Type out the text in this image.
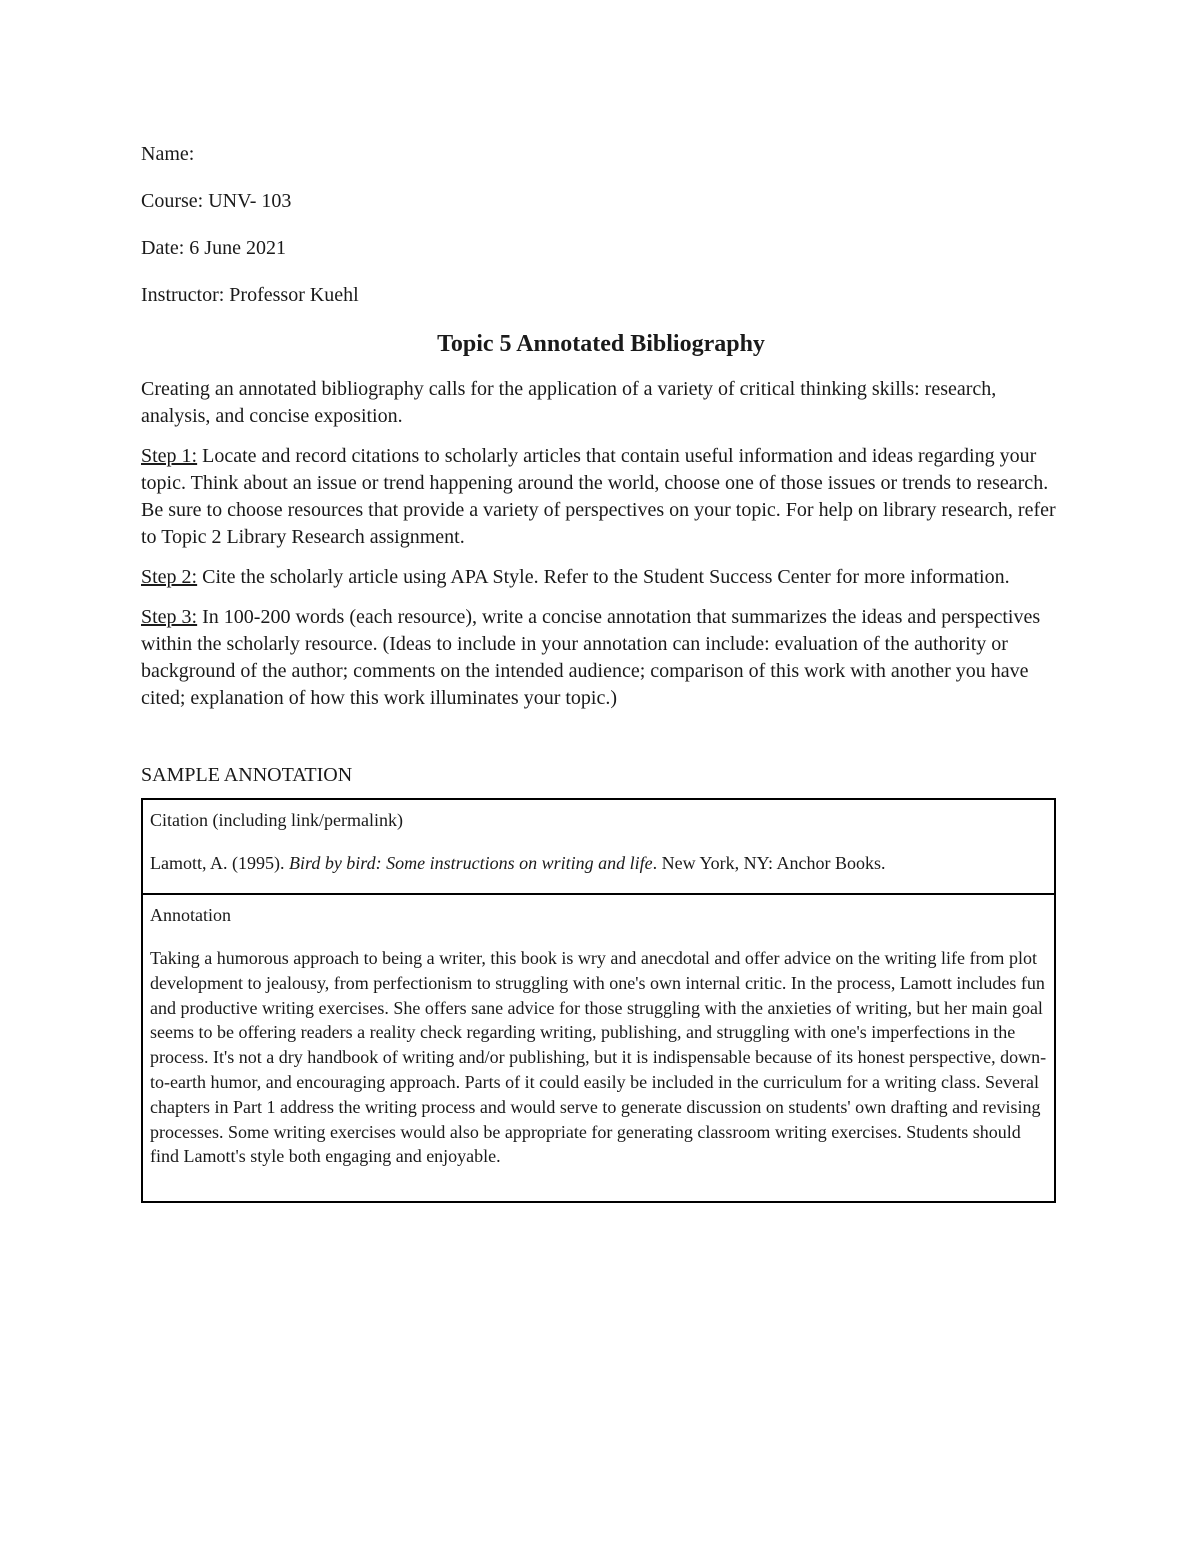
Name:
Course: UNV- 103
Date: 6 June 2021
Instructor: Professor Kuehl
Topic 5 Annotated Bibliography

Creating an annotated bibliography calls for the application of a variety of critical thinking skills: research, analysis, and concise exposition.

Step 1: Locate and record citations to scholarly articles that contain useful information and ideas regarding your topic. Think about an issue or trend happening around the world, choose one of those issues or trends to research. Be sure to choose resources that provide a variety of perspectives on your topic. For help on library research, refer to Topic 2 Library Research assignment.

Step 2: Cite the scholarly article using APA Style. Refer to the Student Success Center for more information.

Step 3: In 100-200 words (each resource), write a concise annotation that summarizes the ideas and perspectives within the scholarly resource. (Ideas to include in your annotation can include: evaluation of the authority or background of the author; comments on the intended audience; comparison of this work with another you have cited; explanation of how this work illuminates your topic.)

SAMPLE ANNOTATION
Citation (including link/permalink)
Lamott, A. (1995). Bird by bird: Some instructions on writing and life. New York, NY: Anchor Books.
Annotation
Taking a humorous approach to being a writer, this book is wry and anecdotal and offer advice on the writing life from plot development to jealousy, from perfectionism to struggling with one's own internal critic. In the process, Lamott includes fun and productive writing exercises. She offers sane advice for those struggling with the anxieties of writing, but her main goal seems to be offering readers a reality check regarding writing, publishing, and struggling with one's imperfections in the process. It's not a dry handbook of writing and/or publishing, but it is indispensable because of its honest perspective, down-to-earth humor, and encouraging approach. Parts of it could easily be included in the curriculum for a writing class. Several chapters in Part 1 address the writing process and would serve to generate discussion on students' own drafting and revising processes. Some writing exercises would also be appropriate for generating classroom writing exercises. Students should find Lamott's style both engaging and enjoyable.
